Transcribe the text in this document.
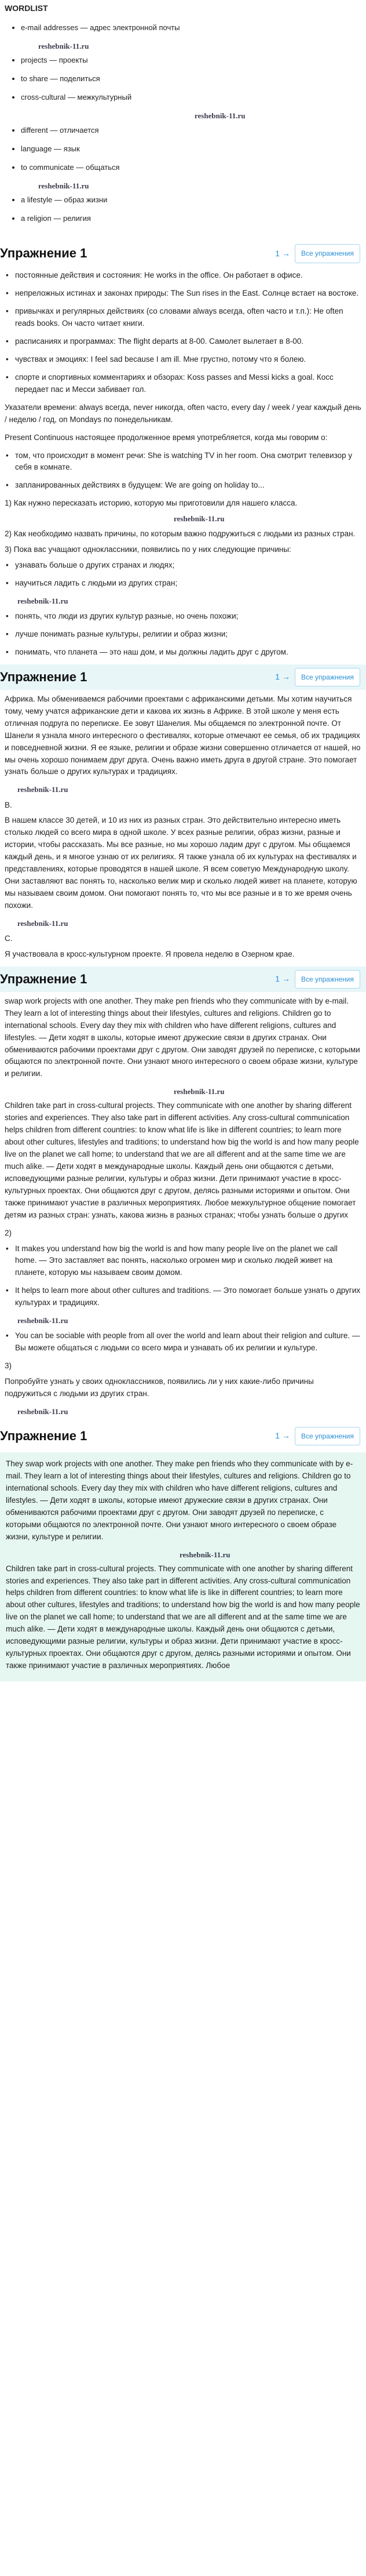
WORDLIST
• e-mail addresses — адрес электронной почты
reshebnik-11.ru
• projects — проекты
• to share — поделиться
• cross-cultural — межкультурный
reshebnik-11.ru
• different — отличается
• language — язык
• to communicate — общаться
reshebnik-11.ru
• a lifestyle — образ жизни
• a religion — религия
Упражнение 1	1 →	Все упражнения
• постоянные действия и состояния: He works in the office. Он работает в офисе.
• непреложных истинах и законах природы: The Sun rises in the East. Солнце встает на востоке.
• привычках и регулярных действиях (со словами always всегда, often часто и т.п.): He often reads books. Он часто читает книги.
• расписаниях и программах: The flight departs at 8-00. Самолет вылетает в 8-00.
• чувствах и эмоциях: I feel sad because I am ill. Мне грустно, потому что я болею.
• спорте и спортивных комментариях и обзорах: Koss passes and Messi kicks a goal. Косс передает пас и Месси забивает гол.
Указатели времени: always всегда, never никогда, often часто, every day / week / year каждый день / неделю / год, on Mondays по понедельникам.
Present Continuous настоящее продолженное время употребляется, когда мы говорим о:
• том, что происходит в момент речи: She is watching TV in her room. Она смотрит телевизор у себя в комнате.
• запланированных действиях в будущем: We are going on holiday to...
1) Как нужно пересказать историю, которую мы приготовили для нашего класса.
reshebnik-11.ru
2) Как необходимо назвать причины, по которым важно подружиться с людьми из разных стран.
3) Пока вас учащают одноклассники, появились по у них следующие причины:
• узнавать больше о других странах и людях;
• научиться ладить с людьми из других стран;
reshebnik-11.ru
• понять, что люди из других культур разные, но очень похожи;
• лучше понимать разные культуры, религии и образ жизни;
• понимать, что планета — это наш дом, и мы должны ладить друг с другом.
Упражнение 1	1 →	Все упражнения
Африка. Мы обмениваемся рабочими проектами с африканскими детьми. Мы хотим научиться тому, чему учатся африканские дети и какова их жизнь в Африке. В этой школе у меня есть отличная подруга по переписке. Ее зовут Шанелия. Мы общаемся по электронной почте. От Шанели я узнала много интересного о фестивалях, которые отмечают ее семья, об их традициях и повседневной жизни. Я ее языке, религии и образе жизни совершенно отличается от нашей, но мы очень хорошо понимаем друг друга. Очень важно иметь друга в другой стране. Это помогает узнать больше о других культурах и традициях.
reshebnik-11.ru
B.
В нашем классе 30 детей, и 10 из них из разных стран. Это действительно интересно иметь столько людей со всего мира в одной школе. У всех разные религии, образ жизни, разные и истории, чтобы рассказать. Мы все разные, но мы хорошо ладим друг с другом. Мы общаемся каждый день, и я многое узнаю от их религиях. Я также узнала об их культурах на фестивалях и представлениях, которые проводятся в нашей школе. Я всем советую Международную школу. Они заставляют вас понять то, насколько велик мир и сколько людей живет на планете, которую мы называем своим домом. Они помогают понять то, что мы все разные и в то же время очень похожи.
reshebnik-11.ru
C.
Я участвовала в кросс-культурном проекте. Я провела неделю в Озерном крае.
Упражнение 1	1 →	Все упражнения
swap work projects with one another. They make pen friends who they communicate with by e-mail. They learn a lot of interesting things about their lifestyles, cultures and religions. Children go to international schools. Every day they mix with children who have different religions, cultures and lifestyles. — Дети ходят в школы, которые имеют дружеские связи в других странах. Они обмениваются рабочими проектами друг с другом. Они заводят друзей по переписке, с которыми общаются по электронной почте. Они узнают много интересного о своем образе жизни, культуре и религии.
reshebnik-11.ru
Children take part in cross-cultural projects. They communicate with one another by sharing different stories and experiences. They also take part in different activities. Any cross-cultural communication helps children from different countries: to know what life is like in different countries; to learn more about other cultures, lifestyles and traditions; to understand how big the world is and how many people live on the planet we call home; to understand that we are all different and at the same time we are much alike. — Дети ходят в международные школы. Каждый день они общаются с детьми, исповедующими разные религии, культуры и образ жизни. Дети принимают участие в кросс-культурных проектах. Они общаются друг с другом, делясь разными историями и опытом. Они также принимают участие в различных мероприятиях. Любое межкультурное общение помогает детям из разных стран: узнать, какова жизнь в разных странах; чтобы узнать больше о других
2)
• It makes you understand how big the world is and how many people live on the planet we call home. — Это заставляет вас понять, насколько огромен мир и сколько людей живет на планете, которую мы называем своим домом.
• It helps to learn more about other cultures and traditions. — Это помогает больше узнать о других культурах и традициях.
reshebnik-11.ru
• You can be sociable with people from all over the world and learn about their religion and culture. — Вы можете общаться с людьми со всего мира и узнавать об их религии и культуре.
3)
Попробуйте узнать у своих одноклассников, появились ли у них какие-либо причины подружиться с людьми из других стран.
reshebnik-11.ru
Упражнение 1	1 →	Все упражнения
They swap work projects with one another. They make pen friends who they communicate with by e-mail. They learn a lot of interesting things about their lifestyles, cultures and religions. Children go to international schools. Every day they mix with children who have different religions, cultures and lifestyles. — Дети ходят в школы, которые имеют дружеские связи в других странах. Они обмениваются рабочими проектами друг с другом. Они заводят друзей по переписке, с которыми общаются по электронной почте. Они узнают много интересного о своем образе жизни, культуре и религии.
reshebnik-11.ru
Children take part in cross-cultural projects. They communicate with one another by sharing different stories and experiences. They also take part in different activities. Any cross-cultural communication helps children from different countries: to know what life is like in different countries; to learn more about other cultures, lifestyles and traditions; to understand how big the world is and how many people live on the planet we call home; to understand that we are all different and at the same time we are much alike. — Дети ходят в международные школы. Каждый день они общаются с детьми, исповедующими разные религии, культуры и образ жизни. Дети принимают участие в кросс-культурных проектах. Они общаются друг с другом, делясь разными историями и опытом. Они также принимают участие в различных мероприятиях. Любое
